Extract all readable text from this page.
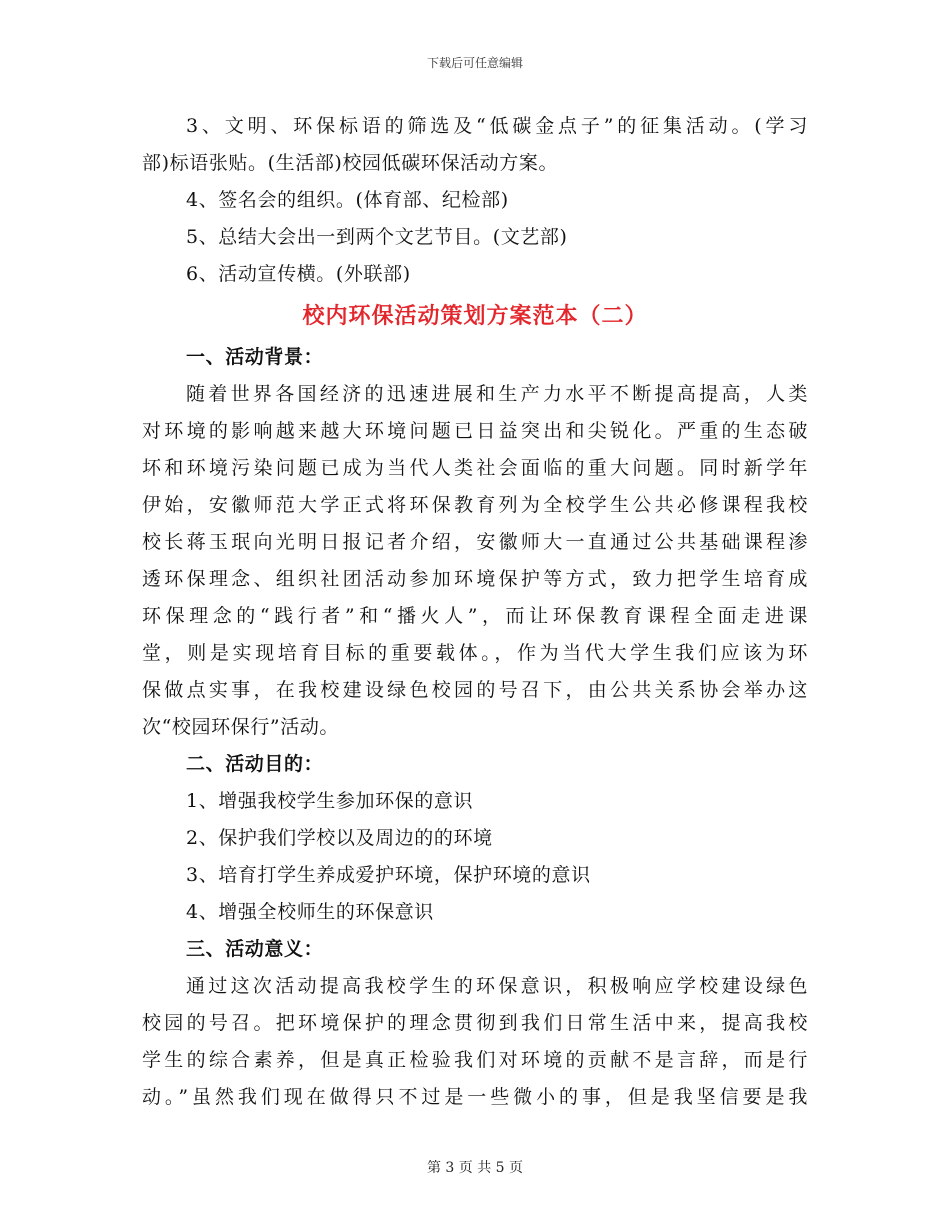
下载后可任意编辑
3、文明、环保标语的筛选及“低碳金点子”的征集活动。(学习
部)标语张贴。(生活部)校园低碳环保活动方案。
4、签名会的组织。(体育部、纪检部)
5、总结大会出一到两个文艺节目。(文艺部)
6、活动宣传横。(外联部)
校内环保活动策划方案范本（二）
一、活动背景：
随着世界各国经济的迅速进展和生产力水平不断提高提高，人类
对环境的影响越来越大环境问题已日益突出和尖锐化。严重的生态破
坏和环境污染问题已成为当代人类社会面临的重大问题。同时新学年
伊始，安徽师范大学正式将环保教育列为全校学生公共必修课程我校
校长蒋玉珉向光明日报记者介绍，安徽师大一直通过公共基础课程渗
透环保理念、组织社团活动参加环境保护等方式，致力把学生培育成
环保理念的“践行者”和“播火人”，而让环保教育课程全面走进课
堂，则是实现培育目标的重要载体。，作为当代大学生我们应该为环
保做点实事，在我校建设绿色校园的号召下，由公共关系协会举办这
次“校园环保行”活动。
二、活动目的：
1、增强我校学生参加环保的意识
2、保护我们学校以及周边的的环境
3、培育打学生养成爱护环境，保护环境的意识
4、增强全校师生的环保意识
三、活动意义：
通过这次活动提高我校学生的环保意识，积极响应学校建设绿色
校园的号召。把环境保护的理念贯彻到我们日常生活中来，提高我校
学生的综合素养，但是真正检验我们对环境的贡献不是言辞，而是行
动。”虽然我们现在做得只不过是一些微小的事，但是我坚信要是我
第 3 页 共 5 页
